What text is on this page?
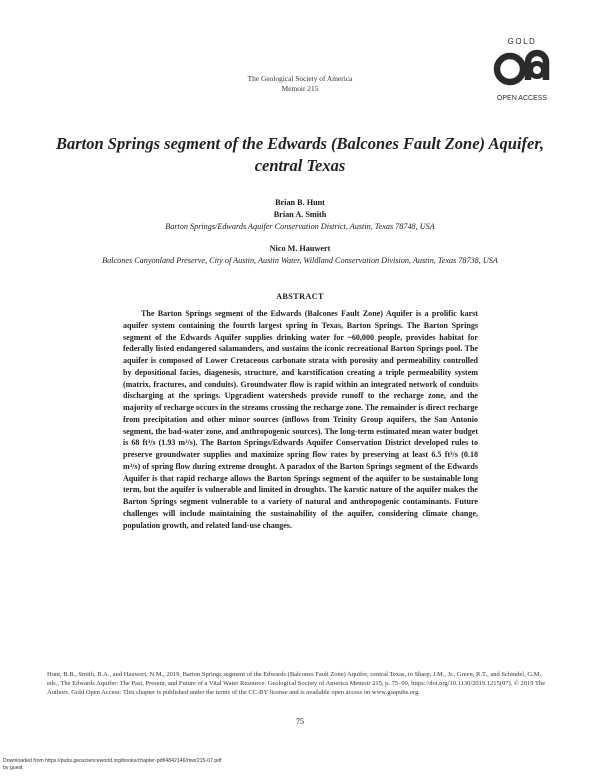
The Geological Society of America
Memoir 215
GOLD
OPEN ACCESS
Barton Springs segment of the Edwards (Balcones Fault Zone) Aquifer, central Texas
Brian B. Hunt
Brian A. Smith
Barton Springs/Edwards Aquifer Conservation District, Austin, Texas 78748, USA
Nico M. Hauwert
Balcones Canyonland Preserve, City of Austin, Austin Water, Wildland Conservation Division, Austin, Texas 78738, USA
ABSTRACT
The Barton Springs segment of the Edwards (Balcones Fault Zone) Aquifer is a prolific karst aquifer system containing the fourth largest spring in Texas, Barton Springs. The Barton Springs segment of the Edwards Aquifer supplies drinking water for ~60,000 people, provides habitat for federally listed endangered salamanders, and sustains the iconic recreational Barton Springs pool. The aquifer is composed of Lower Cretaceous carbonate strata with porosity and permeability controlled by depositional facies, diagenesis, structure, and karstification creating a triple permeability system (matrix, fractures, and conduits). Groundwater flow is rapid within an integrated network of conduits discharging at the springs. Upgradient watersheds provide runoff to the recharge zone, and the majority of recharge occurs in the streams crossing the recharge zone. The remainder is direct recharge from precipitation and other minor sources (inflows from Trinity Group aquifers, the San Antonio segment, the bad-water zone, and anthropogenic sources). The long-term estimated mean water budget is 68 ft³/s (1.93 m³/s). The Barton Springs/Edwards Aquifer Conservation District developed rules to preserve groundwater supplies and maximize spring flow rates by preserving at least 6.5 ft³/s (0.18 m³/s) of spring flow during extreme drought. A paradox of the Barton Springs segment of the Edwards Aquifer is that rapid recharge allows the Barton Springs segment of the aquifer to be sustainable long term, but the aquifer is vulnerable and limited in droughts. The karstic nature of the aquifer makes the Barton Springs segment vulnerable to a variety of natural and anthropogenic contaminants. Future challenges will include maintaining the sustainability of the aquifer, considering climate change, population growth, and related land-use changes.
Hunt, B.B., Smith, B.A., and Hauwert, N.M., 2019, Barton Springs segment of the Edwards (Balcones Fault Zone) Aquifer, central Texas, in Sharp, J.M., Jr., Green, R.T., and Schindel, G.M., eds., The Edwards Aquifer: The Past, Present, and Future of a Vital Water Resource: Geological Society of America Memoir 215, p. 75–99, https://doi.org/10.1130/2019.1215(07). © 2019 The Authors. Gold Open Access: This chapter is published under the terms of the CC-BY license and is available open access on www.gsapubs.org.
75
Downloaded from https://pubs.geoscienceworld.org/books/chapter-pdf/4842146/mwr215-07.pdf
by guest
